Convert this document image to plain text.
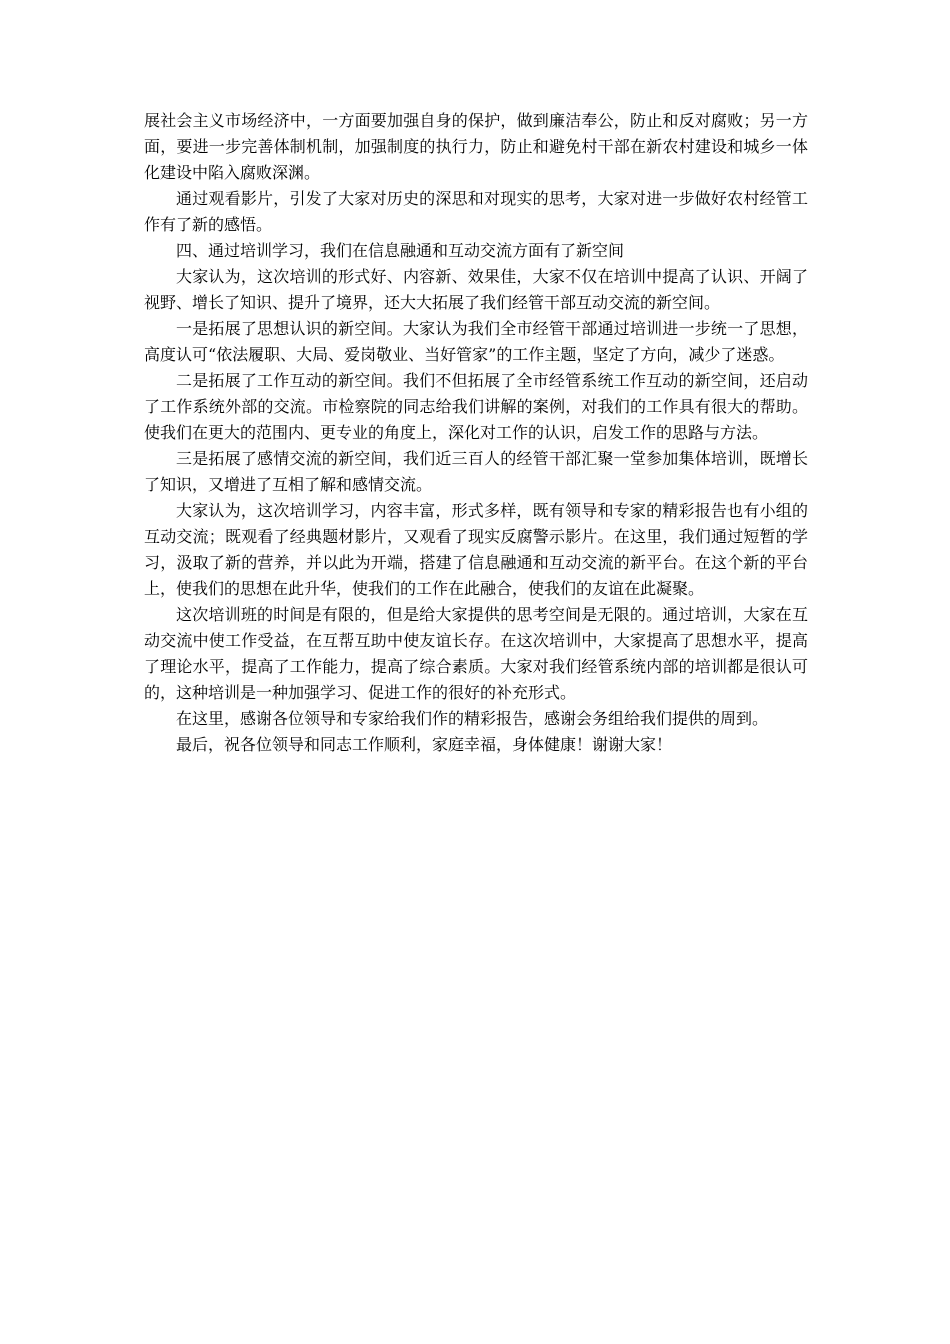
展社会主义市场经济中，一方面要加强自身的保护，做到廉洁奉公，防止和反对腐败；另一方面，要进一步完善体制机制，加强制度的执行力，防止和避免村干部在新农村建设和城乡一体化建设中陷入腐败深渊。

通过观看影片，引发了大家对历史的深思和对现实的思考，大家对进一步做好农村经管工作有了新的感悟。

四、通过培训学习，我们在信息融通和互动交流方面有了新空间

大家认为，这次培训的形式好、内容新、效果佳，大家不仅在培训中提高了认识、开阔了视野、增长了知识、提升了境界，还大大拓展了我们经管干部互动交流的新空间。

一是拓展了思想认识的新空间。大家认为我们全市经管干部通过培训进一步统一了思想，高度认可“依法履职、大局、爱岗敬业、当好管家”的工作主题，坚定了方向，减少了迷惑。

二是拓展了工作互动的新空间。我们不但拓展了全市经管系统工作互动的新空间，还启动了工作系统外部的交流。市检察院的同志给我们讲解的案例，对我们的工作具有很大的帮助。使我们在更大的范围内、更专业的角度上，深化对工作的认识，启发工作的思路与方法。

三是拓展了感情交流的新空间，我们近三百人的经管干部汇聚一堂参加集体培训，既增长了知识，又增进了互相了解和感情交流。

大家认为，这次培训学习，内容丰富，形式多样，既有领导和专家的精彩报告也有小组的互动交流；既观看了经典题材影片，又观看了现实反腐警示影片。在这里，我们通过短暂的学习，汲取了新的营养，并以此为开端，搭建了信息融通和互动交流的新平台。在这个新的平台上，使我们的思想在此升华，使我们的工作在此融合，使我们的友谊在此凝聚。

这次培训班的时间是有限的，但是给大家提供的思考空间是无限的。通过培训，大家在互动交流中使工作受益，在互帮互助中使友谊长存。在这次培训中，大家提高了思想水平，提高了理论水平，提高了工作能力，提高了综合素质。大家对我们经管系统内部的培训都是很认可的，这种培训是一种加强学习、促进工作的很好的补充形式。

在这里，感谢各位领导和专家给我们作的精彩报告，感谢会务组给我们提供的周到。

最后，祝各位领导和同志工作顺利，家庭幸福，身体健康！谢谢大家！
